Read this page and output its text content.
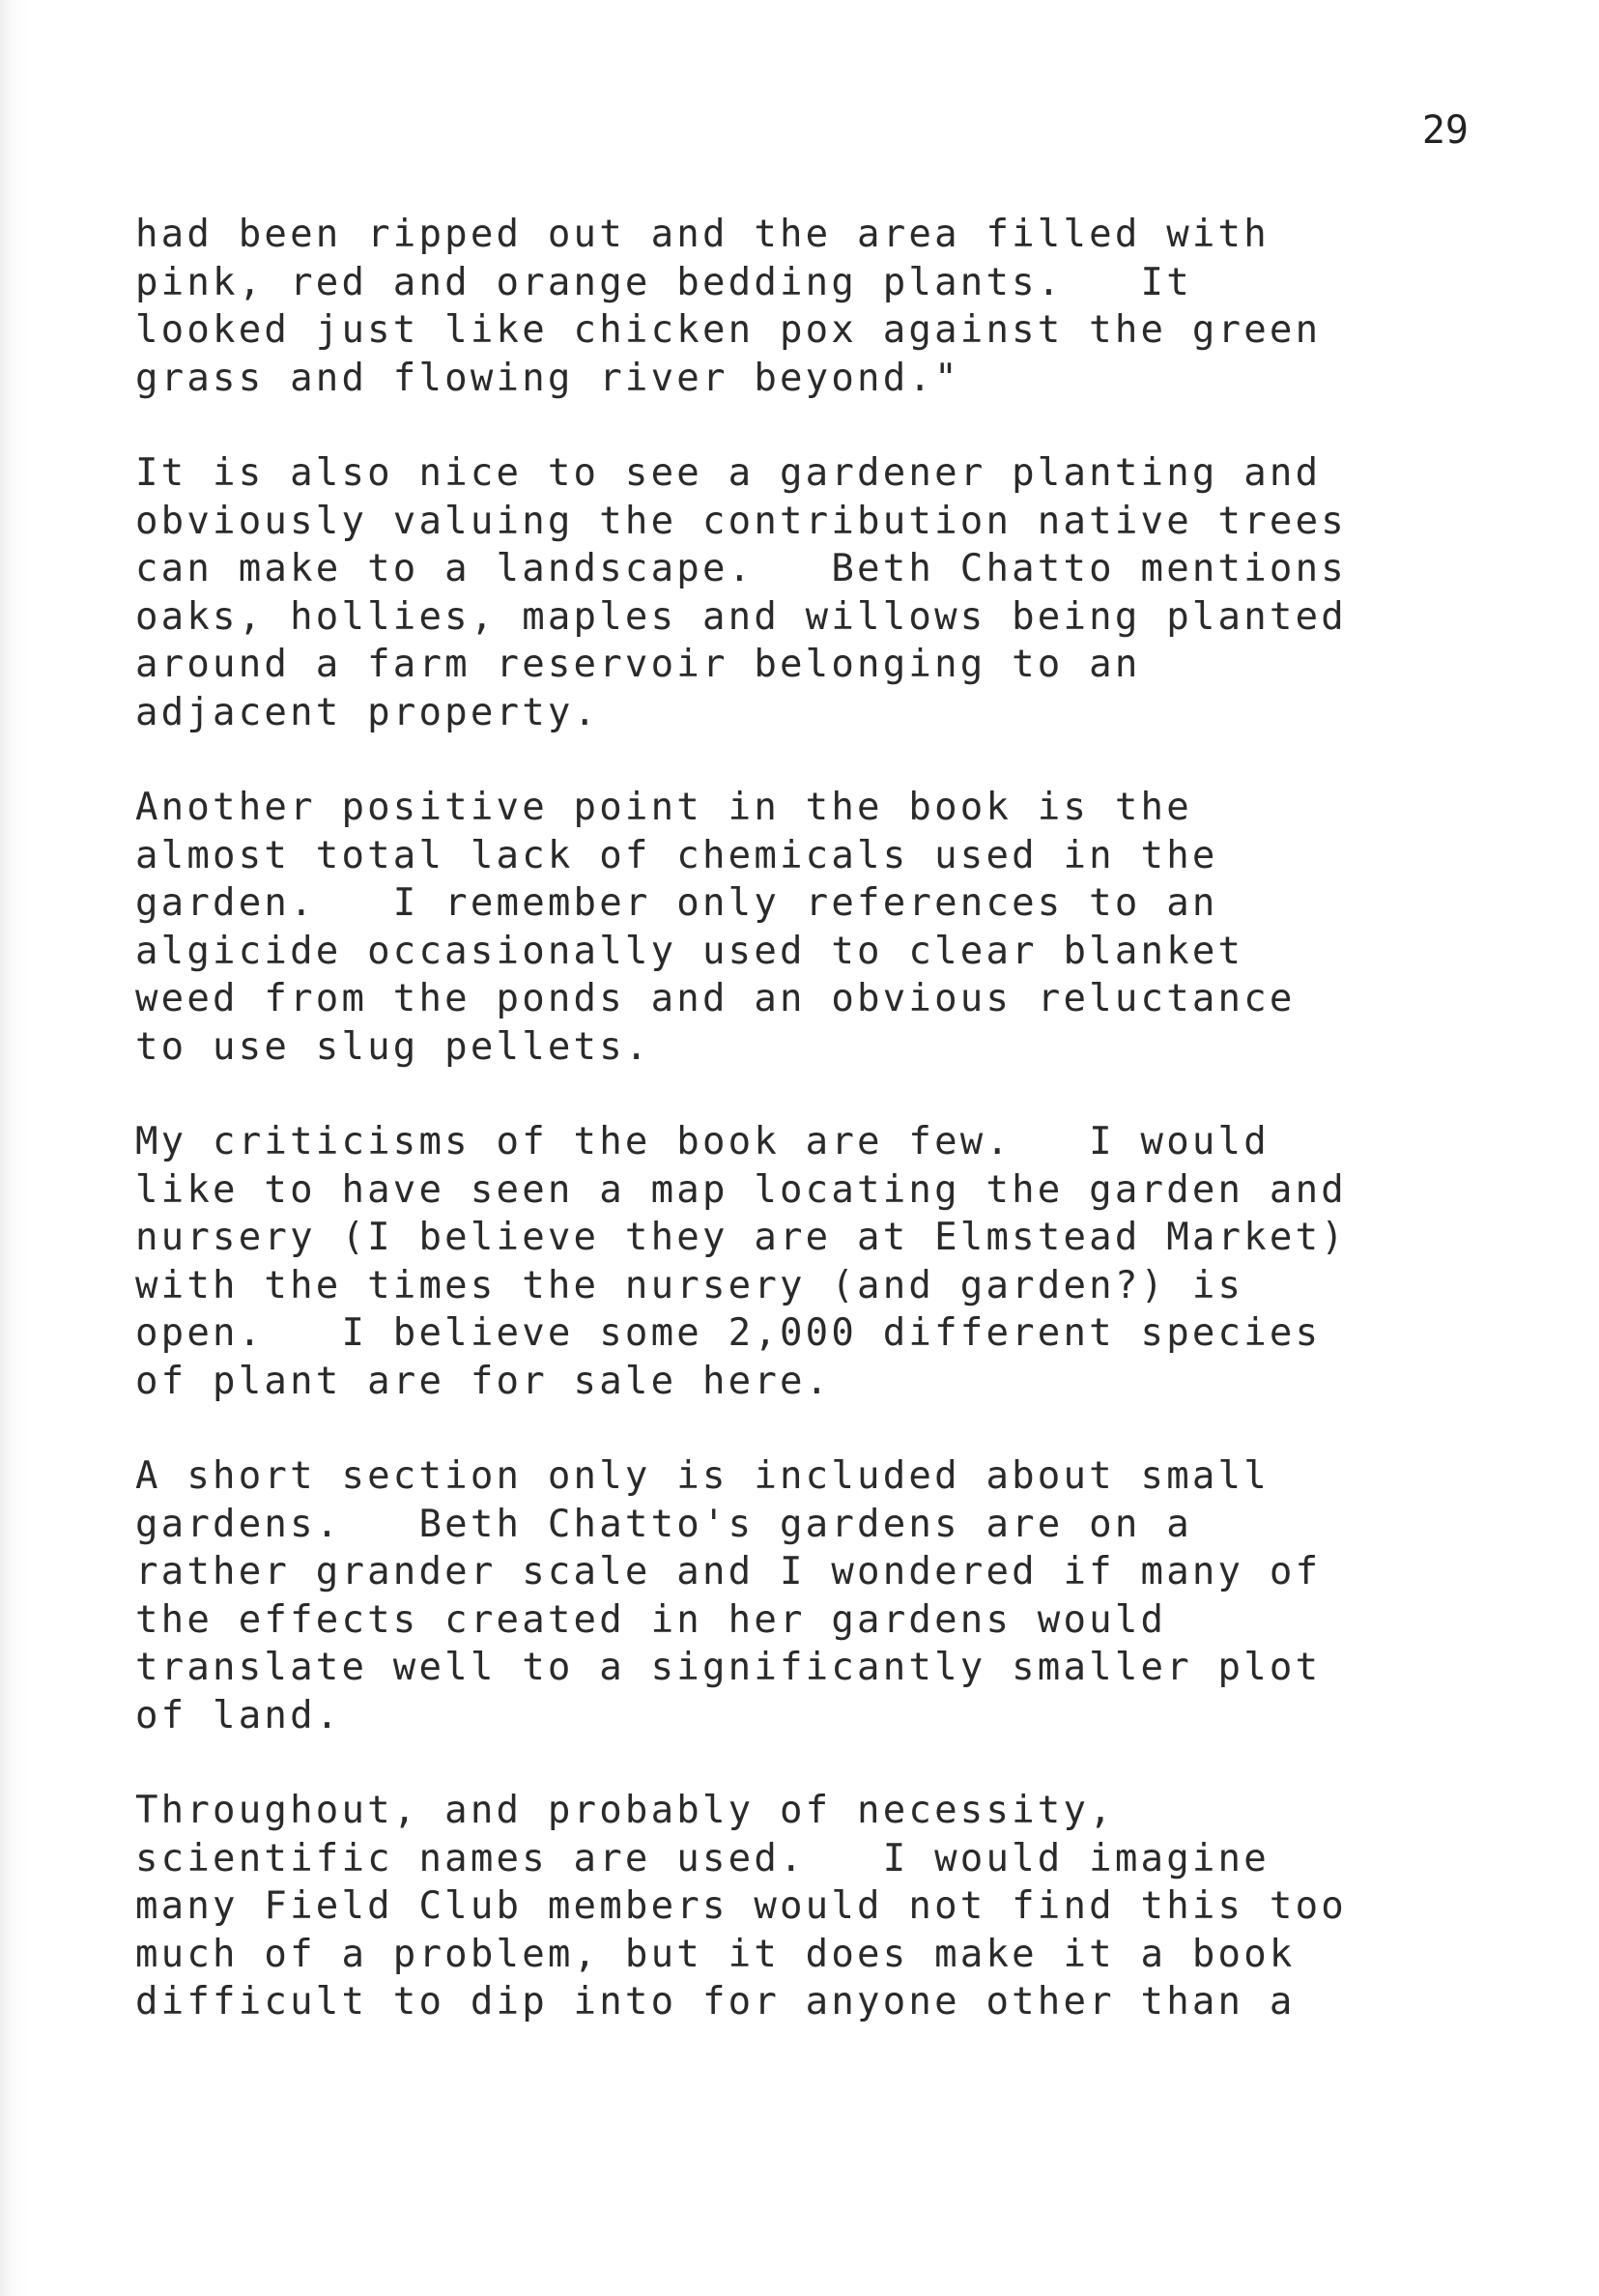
29
had been ripped out and the area filled with
pink, red and orange bedding plants.   It
looked just like chicken pox against the green
grass and flowing river beyond."
It is also nice to see a gardener planting and
obviously valuing the contribution native trees
can make to a landscape.   Beth Chatto mentions
oaks, hollies, maples and willows being planted
around a farm reservoir belonging to an
adjacent property.
Another positive point in the book is the
almost total lack of chemicals used in the
garden.   I remember only references to an
algicide occasionally used to clear blanket
weed from the ponds and an obvious reluctance
to use slug pellets.
My criticisms of the book are few.   I would
like to have seen a map locating the garden and
nursery (I believe they are at Elmstead Market)
with the times the nursery (and garden?) is
open.   I believe some 2,000 different species
of plant are for sale here.
A short section only is included about small
gardens.   Beth Chatto's gardens are on a
rather grander scale and I wondered if many of
the effects created in her gardens would
translate well to a significantly smaller plot
of land.
Throughout, and probably of necessity,
scientific names are used.   I would imagine
many Field Club members would not find this too
much of a problem, but it does make it a book
difficult to dip into for anyone other than a
